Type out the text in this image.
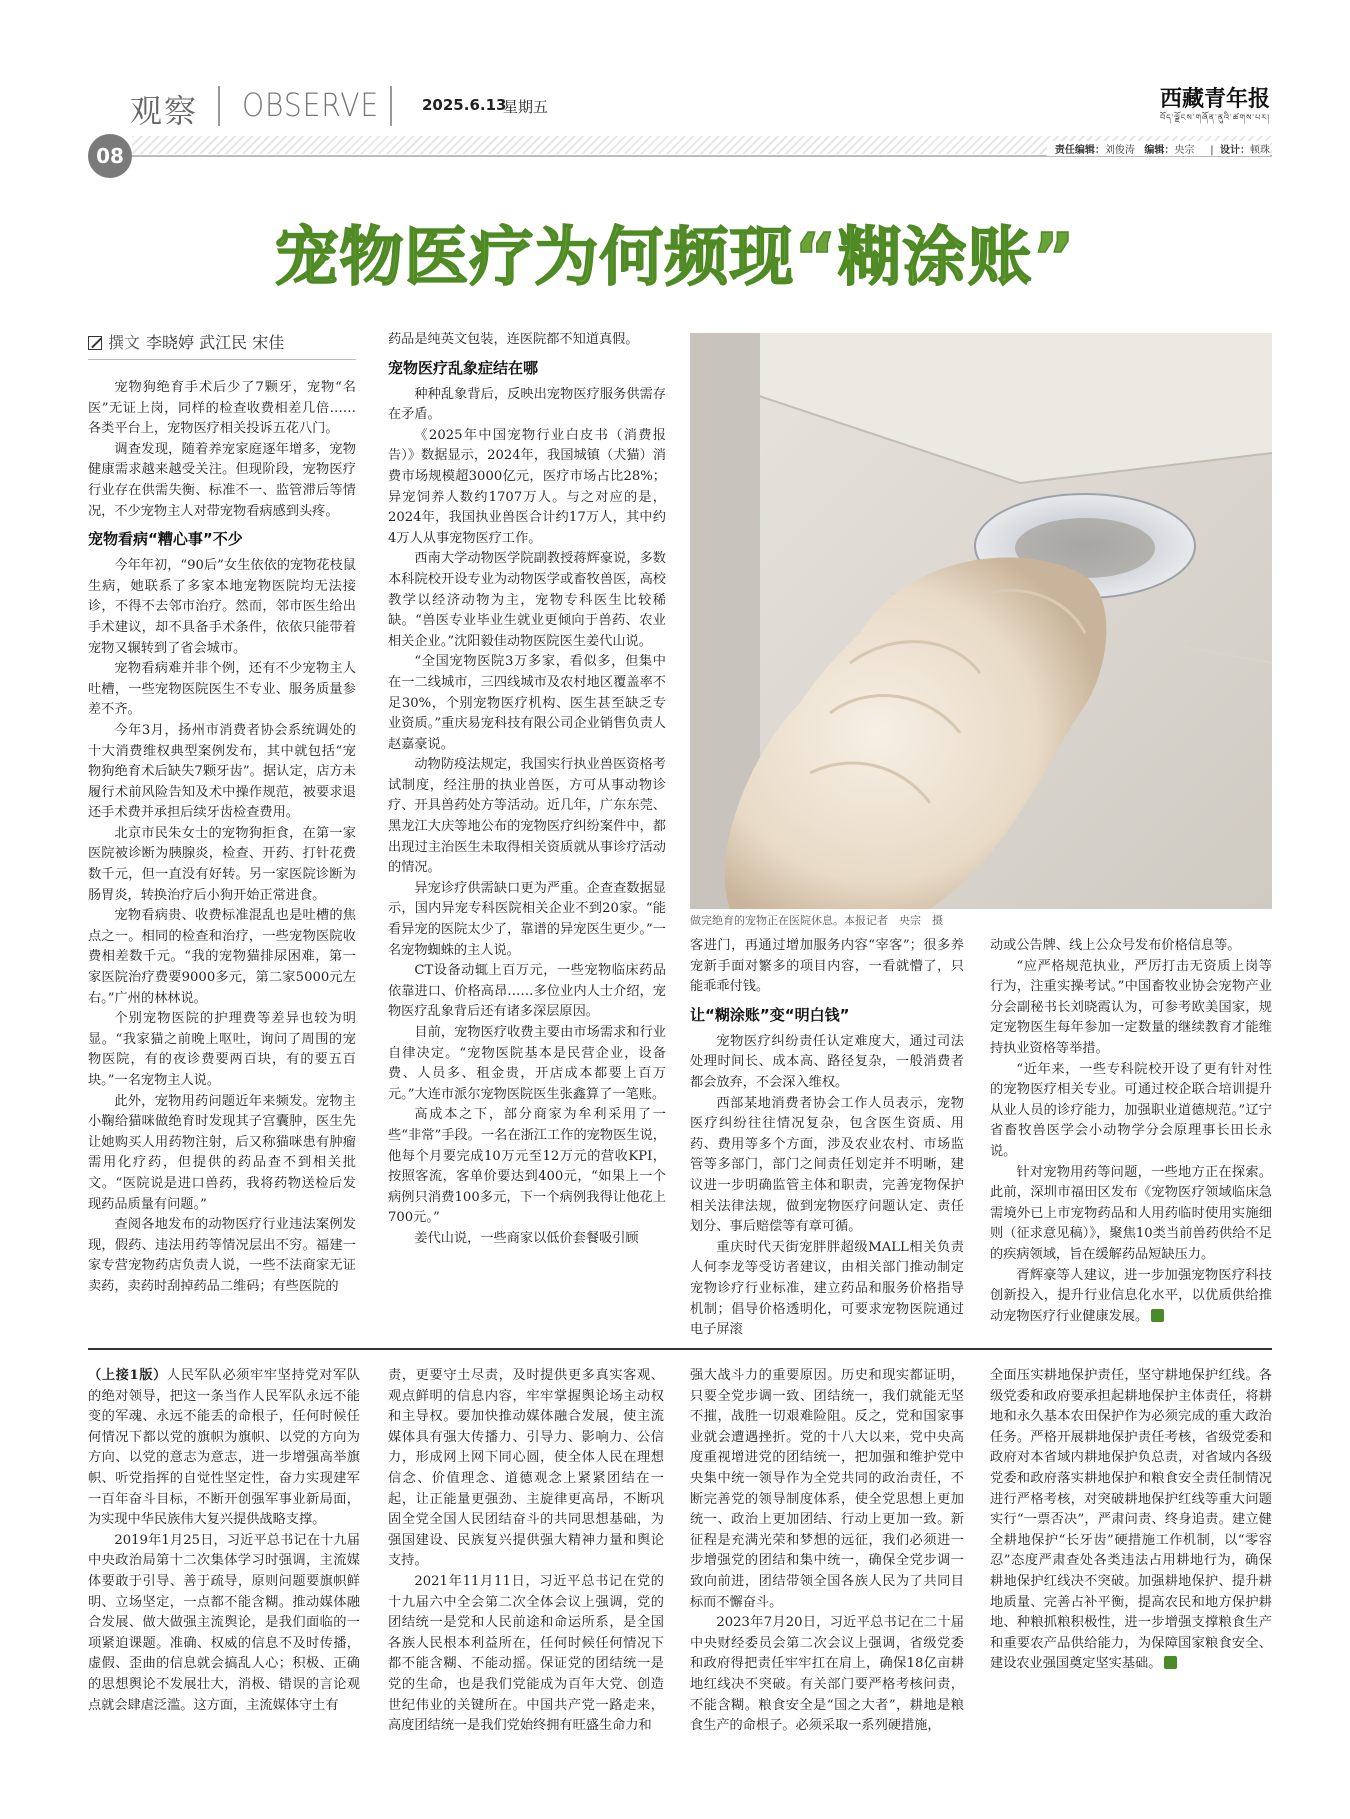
观察 OBSERVE	2025.6.13
星期五	西藏青年报
བོད་ལྗོངས་གཞོན་ནུའི་ཚགས་པར།
08	责任编辑：刘俊涛 编辑：央宗     |  设计：顿珠
宠物医疗为何频现“糊涂账”
撰文 李晓婷 武江民 宋佳

宠物狗绝育手术后少了7颗牙，宠物“名医”无证上岗，同样的检查收费相差几倍……各类平台上，宠物医疗相关投诉五花八门。

调查发现，随着养宠家庭逐年增多，宠物健康需求越来越受关注。但现阶段，宠物医疗行业存在供需失衡、标准不一、监管滞后等情况，不少宠物主人对带宠物看病感到头疼。

宠物看病“糟心事”不少

今年年初，“90后”女生依依的宠物花枝鼠生病，她联系了多家本地宠物医院均无法接诊，不得不去邻市治疗。然而，邻市医生给出手术建议，却不具备手术条件，依依只能带着宠物又辗转到了省会城市。

宠物看病难并非个例，还有不少宠物主人吐槽，一些宠物医院医生不专业、服务质量参差不齐。

今年3月，扬州市消费者协会系统调处的十大消费维权典型案例发布，其中就包括“宠物狗绝育术后缺失7颗牙齿”。据认定，店方未履行术前风险告知及术中操作规范，被要求退还手术费并承担后续牙齿检查费用。

北京市民朱女士的宠物狗拒食，在第一家医院被诊断为胰腺炎，检查、开药、打针花费数千元，但一直没有好转。另一家医院诊断为肠胃炎，转换治疗后小狗开始正常进食。

宠物看病贵、收费标准混乱也是吐槽的焦点之一。相同的检查和治疗，一些宠物医院收费相差数千元。“我的宠物猫排尿困难，第一家医院治疗费要9000多元，第二家5000元左右。”广州的林林说。

个别宠物医院的护理费等差异也较为明显。“我家猫之前晚上呕吐，询问了周围的宠物医院，有的夜诊费要两百块，有的要五百块。”一名宠物主人说。

此外，宠物用药问题近年来频发。宠物主小鞠给猫咪做绝育时发现其子宫囊肿，医生先让她购买人用药物注射，后又称猫咪患有肿瘤需用化疗药，但提供的药品查不到相关批文。“医院说是进口兽药，我将药物送检后发现药品质量有问题。”

查阅各地发布的动物医疗行业违法案例发现，假药、违法用药等情况层出不穷。福建一家专营宠物药店负责人说，一些不法商家无证卖药，卖药时刮掉药品二维码；有些医院的

药品是纯英文包装，连医院都不知道真假。

宠物医疗乱象症结在哪

种种乱象背后，反映出宠物医疗服务供需存在矛盾。

《2025年中国宠物行业白皮书（消费报告）》数据显示，2024年，我国城镇（犬猫）消费市场规模超3000亿元，医疗市场占比28%；异宠饲养人数约1707万人。与之对应的是，2024年，我国执业兽医合计约17万人，其中约4万人从事宠物医疗工作。

西南大学动物医学院副教授蒋辉豪说，多数本科院校开设专业为动物医学或畜牧兽医，高校教学以经济动物为主，宠物专科医生比较稀缺。“兽医专业毕业生就业更倾向于兽药、农业相关企业。”沈阳毅佳动物医院医生姜代山说。

“全国宠物医院3万多家，看似多，但集中在一二线城市，三四线城市及农村地区覆盖率不足30%，个别宠物医疗机构、医生甚至缺乏专业资质。”重庆易宠科技有限公司企业销售负责人赵嘉豪说。

动物防疫法规定，我国实行执业兽医资格考试制度，经注册的执业兽医，方可从事动物诊疗、开具兽药处方等活动。近几年，广东东莞、黑龙江大庆等地公布的宠物医疗纠纷案件中，都出现过主治医生未取得相关资质就从事诊疗活动的情况。

异宠诊疗供需缺口更为严重。企查查数据显示，国内异宠专科医院相关企业不到20家。“能看异宠的医院太少了，靠谱的异宠医生更少。”一名宠物蜘蛛的主人说。

CT设备动辄上百万元，一些宠物临床药品依靠进口、价格高昂……多位业内人士介绍，宠物医疗乱象背后还有诸多深层原因。

目前，宠物医疗收费主要由市场需求和行业自律决定。“宠物医院基本是民营企业，设备费、人员多、租金贵，开店成本都要上百万元。”大连市派尔宠物医院医生张鑫算了一笔账。

高成本之下，部分商家为牟利采用了一些“非常”手段。一名在浙江工作的宠物医生说，他每个月要完成10万元至12万元的营收KPI，按照客流，客单价要达到400元，“如果上一个病例只消费100多元，下一个病例我得让他花上700元。”

姜代山说，一些商家以低价套餐吸引顾

做完绝育的宠物正在医院休息。本报记者　央宗　摄

客进门，再通过增加服务内容“宰客”；很多养宠新手面对繁多的项目内容，一看就懵了，只能乖乖付钱。

让“糊涂账”变“明白钱”

宠物医疗纠纷责任认定难度大，通过司法处理时间长、成本高、路径复杂，一般消费者都会放弃，不会深入维权。

西部某地消费者协会工作人员表示，宠物医疗纠纷往往情况复杂，包含医生资质、用药、费用等多个方面，涉及农业农村、市场监管等多部门，部门之间责任划定并不明晰，建议进一步明确监管主体和职责，完善宠物保护相关法律法规，做到宠物医疗问题认定、责任划分、事后赔偿等有章可循。

重庆时代天街宠胖胖超级MALL相关负责人何李龙等受访者建议，由相关部门推动制定宠物诊疗行业标准，建立药品和服务价格指导机制；倡导价格透明化，可要求宠物医院通过电子屏滚

动或公告牌、线上公众号发布价格信息等。

“应严格规范执业，严厉打击无资质上岗等行为，注重实操考试。”中国畜牧业协会宠物产业分会副秘书长刘晓霞认为，可参考欧美国家，规定宠物医生每年参加一定数量的继续教育才能维持执业资格等举措。

“近年来，一些专科院校开设了更有针对性的宠物医疗相关专业。可通过校企联合培训提升从业人员的诊疗能力，加强职业道德规范。”辽宁省畜牧兽医学会小动物学分会原理事长田长永说。

针对宠物用药等问题，一些地方正在探索。此前，深圳市福田区发布《宠物医疗领域临床急需境外已上市宠物药品和人用药临时使用实施细则（征求意见稿）》，聚焦10类当前兽药供给不足的疾病领域，旨在缓解药品短缺压力。

胥辉豪等人建议，进一步加强宠物医疗科技创新投入，提升行业信息化水平，以优质供给推动宠物医疗行业健康发展。

（上接1版）人民军队必须牢牢坚持党对军队的绝对领导，把这一条当作人民军队永远不能变的军魂、永远不能丢的命根子，任何时候任何情况下都以党的旗帜为旗帜、以党的方向为方向、以党的意志为意志，进一步增强高举旗帜、听党指挥的自觉性坚定性，奋力实现建军一百年奋斗目标，不断开创强军事业新局面，为实现中华民族伟大复兴提供战略支撑。

2019年1月25日，习近平总书记在十九届中央政治局第十二次集体学习时强调，主流媒体要敢于引导、善于疏导，原则问题要旗帜鲜明、立场坚定，一点都不能含糊。推动媒体融合发展、做大做强主流舆论，是我们面临的一项紧迫课题。准确、权威的信息不及时传播，虚假、歪曲的信息就会搞乱人心；积极、正确的思想舆论不发展壮大，消极、错误的言论观点就会肆虐泛滥。这方面，主流媒体守土有

责，更要守土尽责，及时提供更多真实客观、观点鲜明的信息内容，牢牢掌握舆论场主动权和主导权。要加快推动媒体融合发展，使主流媒体具有强大传播力、引导力、影响力、公信力，形成网上网下同心圆，使全体人民在理想信念、价值理念、道德观念上紧紧团结在一起，让正能量更强劲、主旋律更高昂，不断巩固全党全国人民团结奋斗的共同思想基础，为强国建设、民族复兴提供强大精神力量和舆论支持。

2021年11月11日，习近平总书记在党的十九届六中全会第二次全体会议上强调，党的团结统一是党和人民前途和命运所系，是全国各族人民根本利益所在，任何时候任何情况下都不能含糊、不能动摇。保证党的团结统一是党的生命，也是我们党能成为百年大党、创造世纪伟业的关键所在。中国共产党一路走来，高度团结统一是我们党始终拥有旺盛生命力和

强大战斗力的重要原因。历史和现实都证明，只要全党步调一致、团结统一，我们就能无坚不摧，战胜一切艰难险阻。反之，党和国家事业就会遭遇挫折。党的十八大以来，党中央高度重视增进党的团结统一，把加强和维护党中央集中统一领导作为全党共同的政治责任，不断完善党的领导制度体系，使全党思想上更加统一、政治上更加团结、行动上更加一致。新征程是充满光荣和梦想的远征，我们必须进一步增强党的团结和集中统一，确保全党步调一致向前进，团结带领全国各族人民为了共同目标而不懈奋斗。

2023年7月20日，习近平总书记在二十届中央财经委员会第二次会议上强调，省级党委和政府得把责任牢牢扛在肩上，确保18亿亩耕地红线决不突破。有关部门要严格考核问责，不能含糊。粮食安全是“国之大者”，耕地是粮食生产的命根子。必须采取一系列硬措施，

全面压实耕地保护责任，坚守耕地保护红线。各级党委和政府要承担起耕地保护主体责任，将耕地和永久基本农田保护作为必须完成的重大政治任务。严格开展耕地保护责任考核，省级党委和政府对本省域内耕地保护负总责，对省域内各级党委和政府落实耕地保护和粮食安全责任制情况进行严格考核，对突破耕地保护红线等重大问题实行“一票否决”，严肃问责、终身追责。建立健全耕地保护“长牙齿”硬措施工作机制，以“零容忍”态度严肃查处各类违法占用耕地行为，确保耕地保护红线决不突破。加强耕地保护、提升耕地质量、完善占补平衡，提高农民和地方保护耕地、种粮抓粮积极性，进一步增强支撑粮食生产和重要农产品供给能力，为保障国家粮食安全、建设农业强国奠定坚实基础。
